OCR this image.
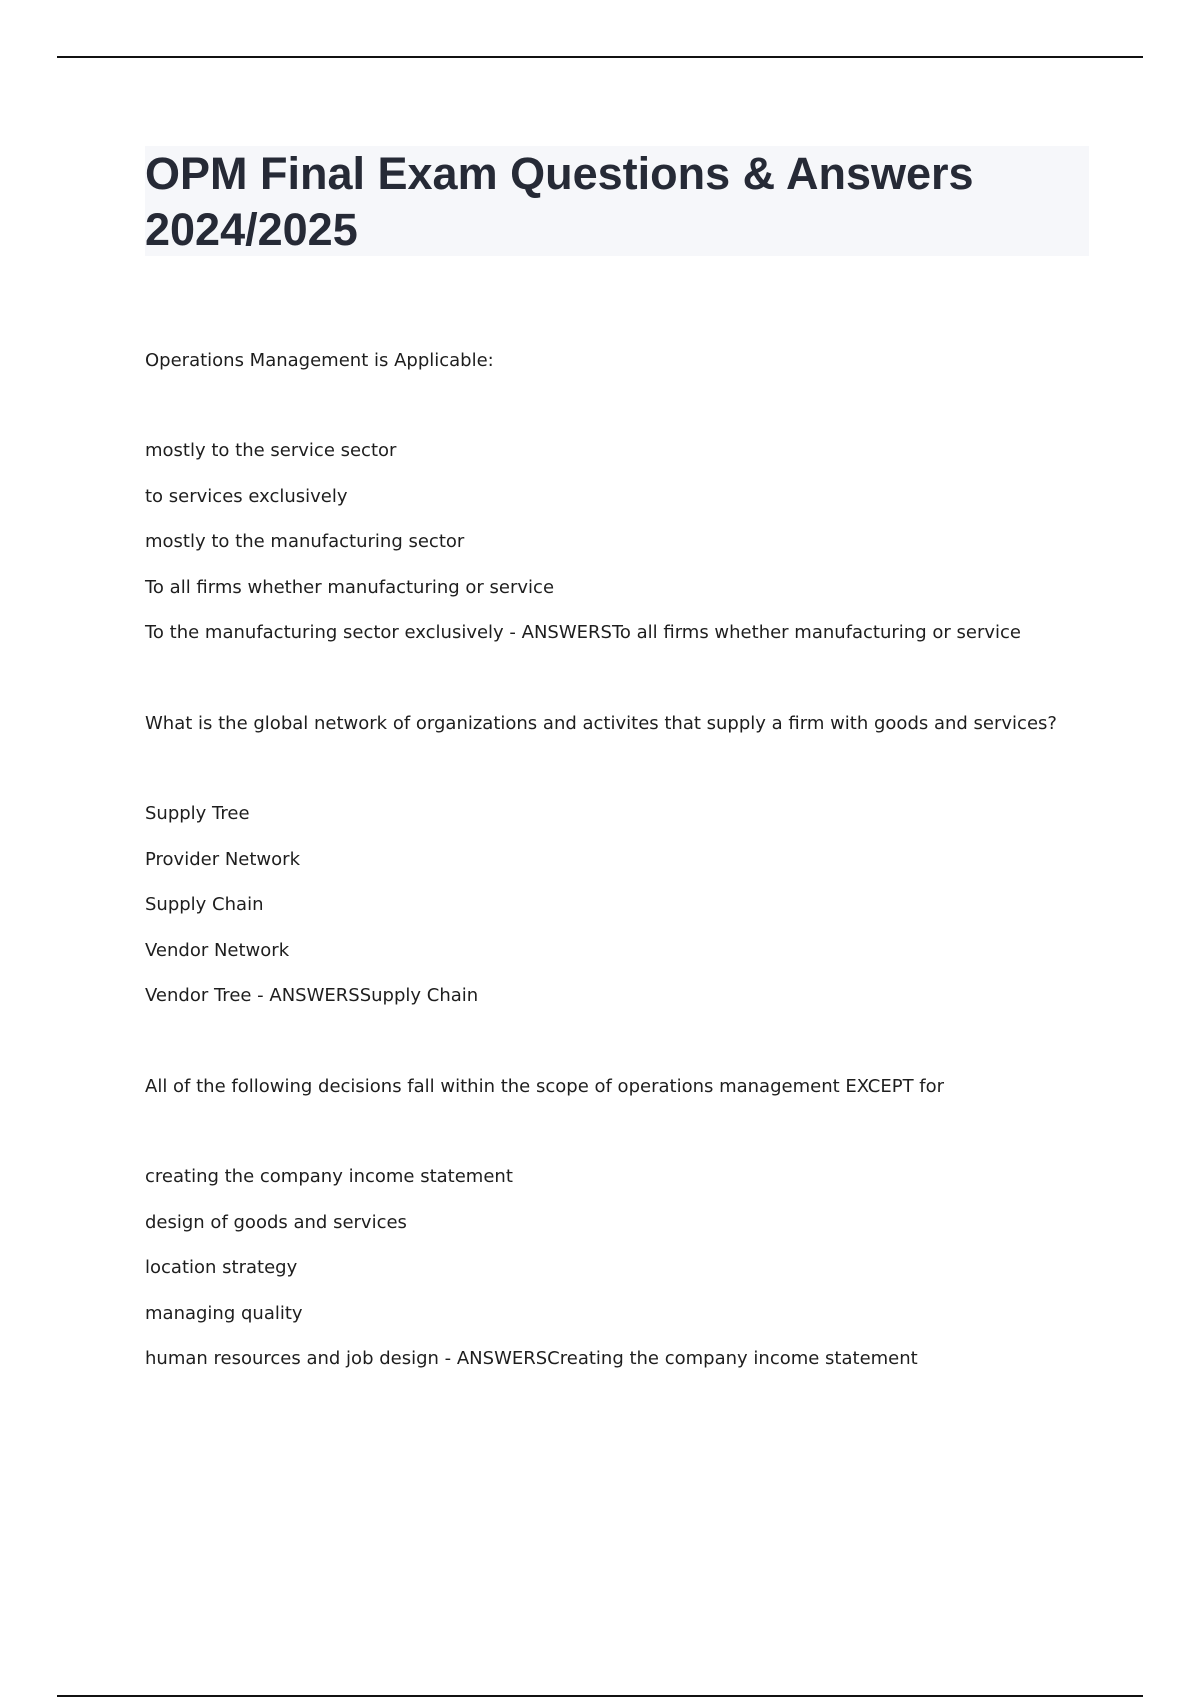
OPM Final Exam Questions & Answers
2024/2025
Operations Management is Applicable:
mostly to the service sector
to services exclusively
mostly to the manufacturing sector
To all firms whether manufacturing or service
To the manufacturing sector exclusively - ANSWERSTo all firms whether manufacturing or service
What is the global network of organizations and activites that supply a firm with goods and services?
Supply Tree
Provider Network
Supply Chain
Vendor Network
Vendor Tree - ANSWERSSupply Chain
All of the following decisions fall within the scope of operations management EXCEPT for
creating the company income statement
design of goods and services
location strategy
managing quality
human resources and job design - ANSWERSCreating the company income statement
